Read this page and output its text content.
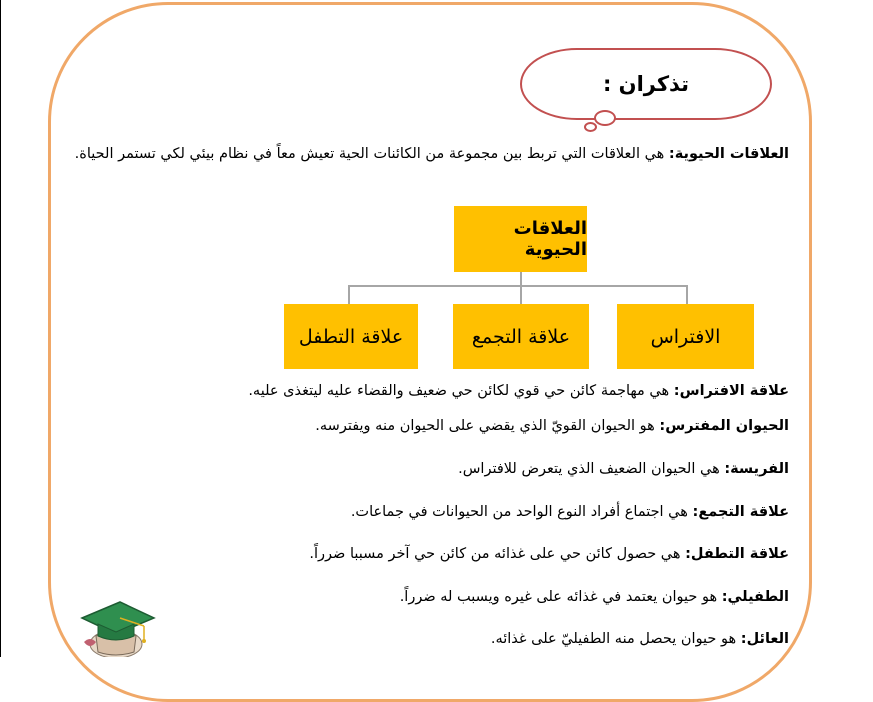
تذكران :
العلاقات الحيوية: هي العلاقات التي تربط بين مجموعة من الكائنات الحية تعيش معاً في نظام بيئي لكي تستمر الحياة.
العلاقات الحيوية
الافتراس
علاقة التجمع
علاقة التطفل
علاقة الافتراس: هي مهاجمة كائن حي قوي لكائن حي ضعيف والقضاء عليه ليتغذى عليه.
الحيوان المفترس: هو الحيوان القويّ الذي يقضي على الحيوان منه ويفترسه.
الفريسة: هي الحيوان الضعيف الذي يتعرض للافتراس.
علاقة التجمع: هي اجتماع أفراد النوع الواحد من الحيوانات في جماعات.
علاقة التطفل: هي حصول كائن حي على غذائه من كائن حي آخر مسببا ضرراً.
الطفيلي: هو حيوان يعتمد في غذائه على غيره ويسبب له ضرراً.
العائل: هو حيوان يحصل منه الطفيليّ على غذائه.
